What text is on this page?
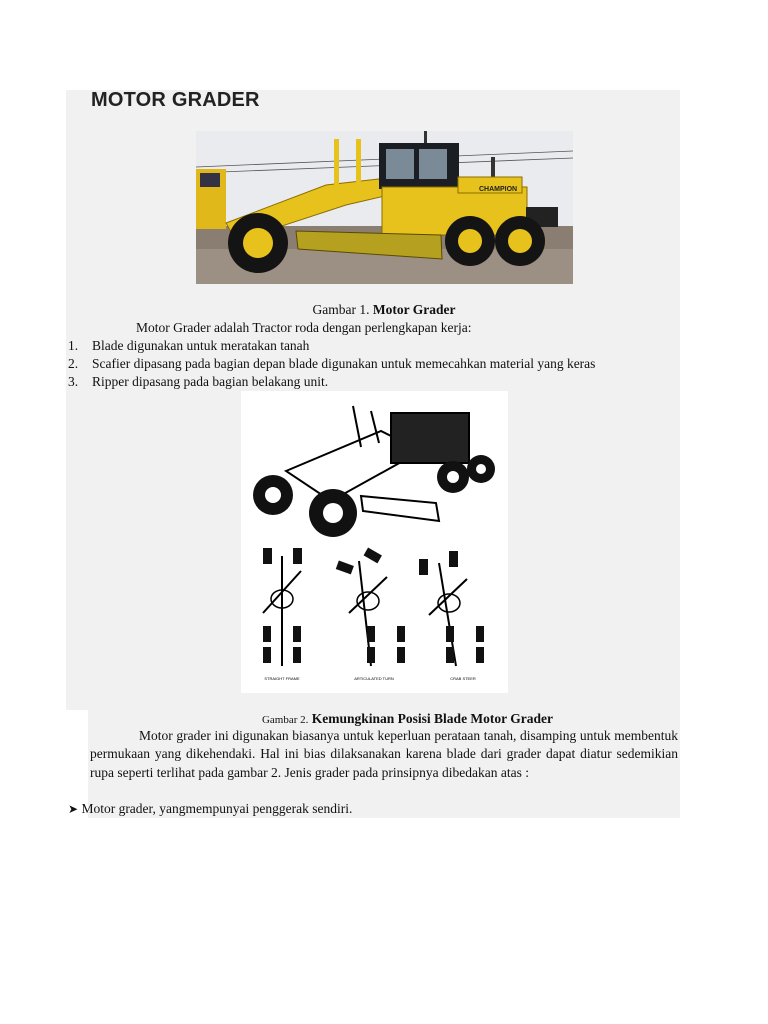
MOTOR GRADER
CHAMPION
Gambar 1. Motor Grader
Motor Grader adalah Tractor roda dengan perlengkapan kerja:
1. Blade digunakan untuk meratakan tanah
2. Scafier dipasang pada bagian depan blade digunakan untuk memecahkan material yang keras
3. Ripper dipasang pada bagian belakang unit.
STRAIGHT FRAME	ARTICULATED TURN	CRAB STEER
Gambar 2. Kemungkinan Posisi Blade Motor Grader

Motor grader ini digunakan biasanya untuk keperluan perataan tanah, disamping untuk membentuk permukaan yang dikehendaki. Hal ini bias dilaksanakan karena blade dari grader dapat diatur sedemikian rupa seperti terlihat pada gambar 2. Jenis grader pada prinsipnya dibedakan atas :

➤ Motor grader, yangmempunyai penggerak sendiri.
